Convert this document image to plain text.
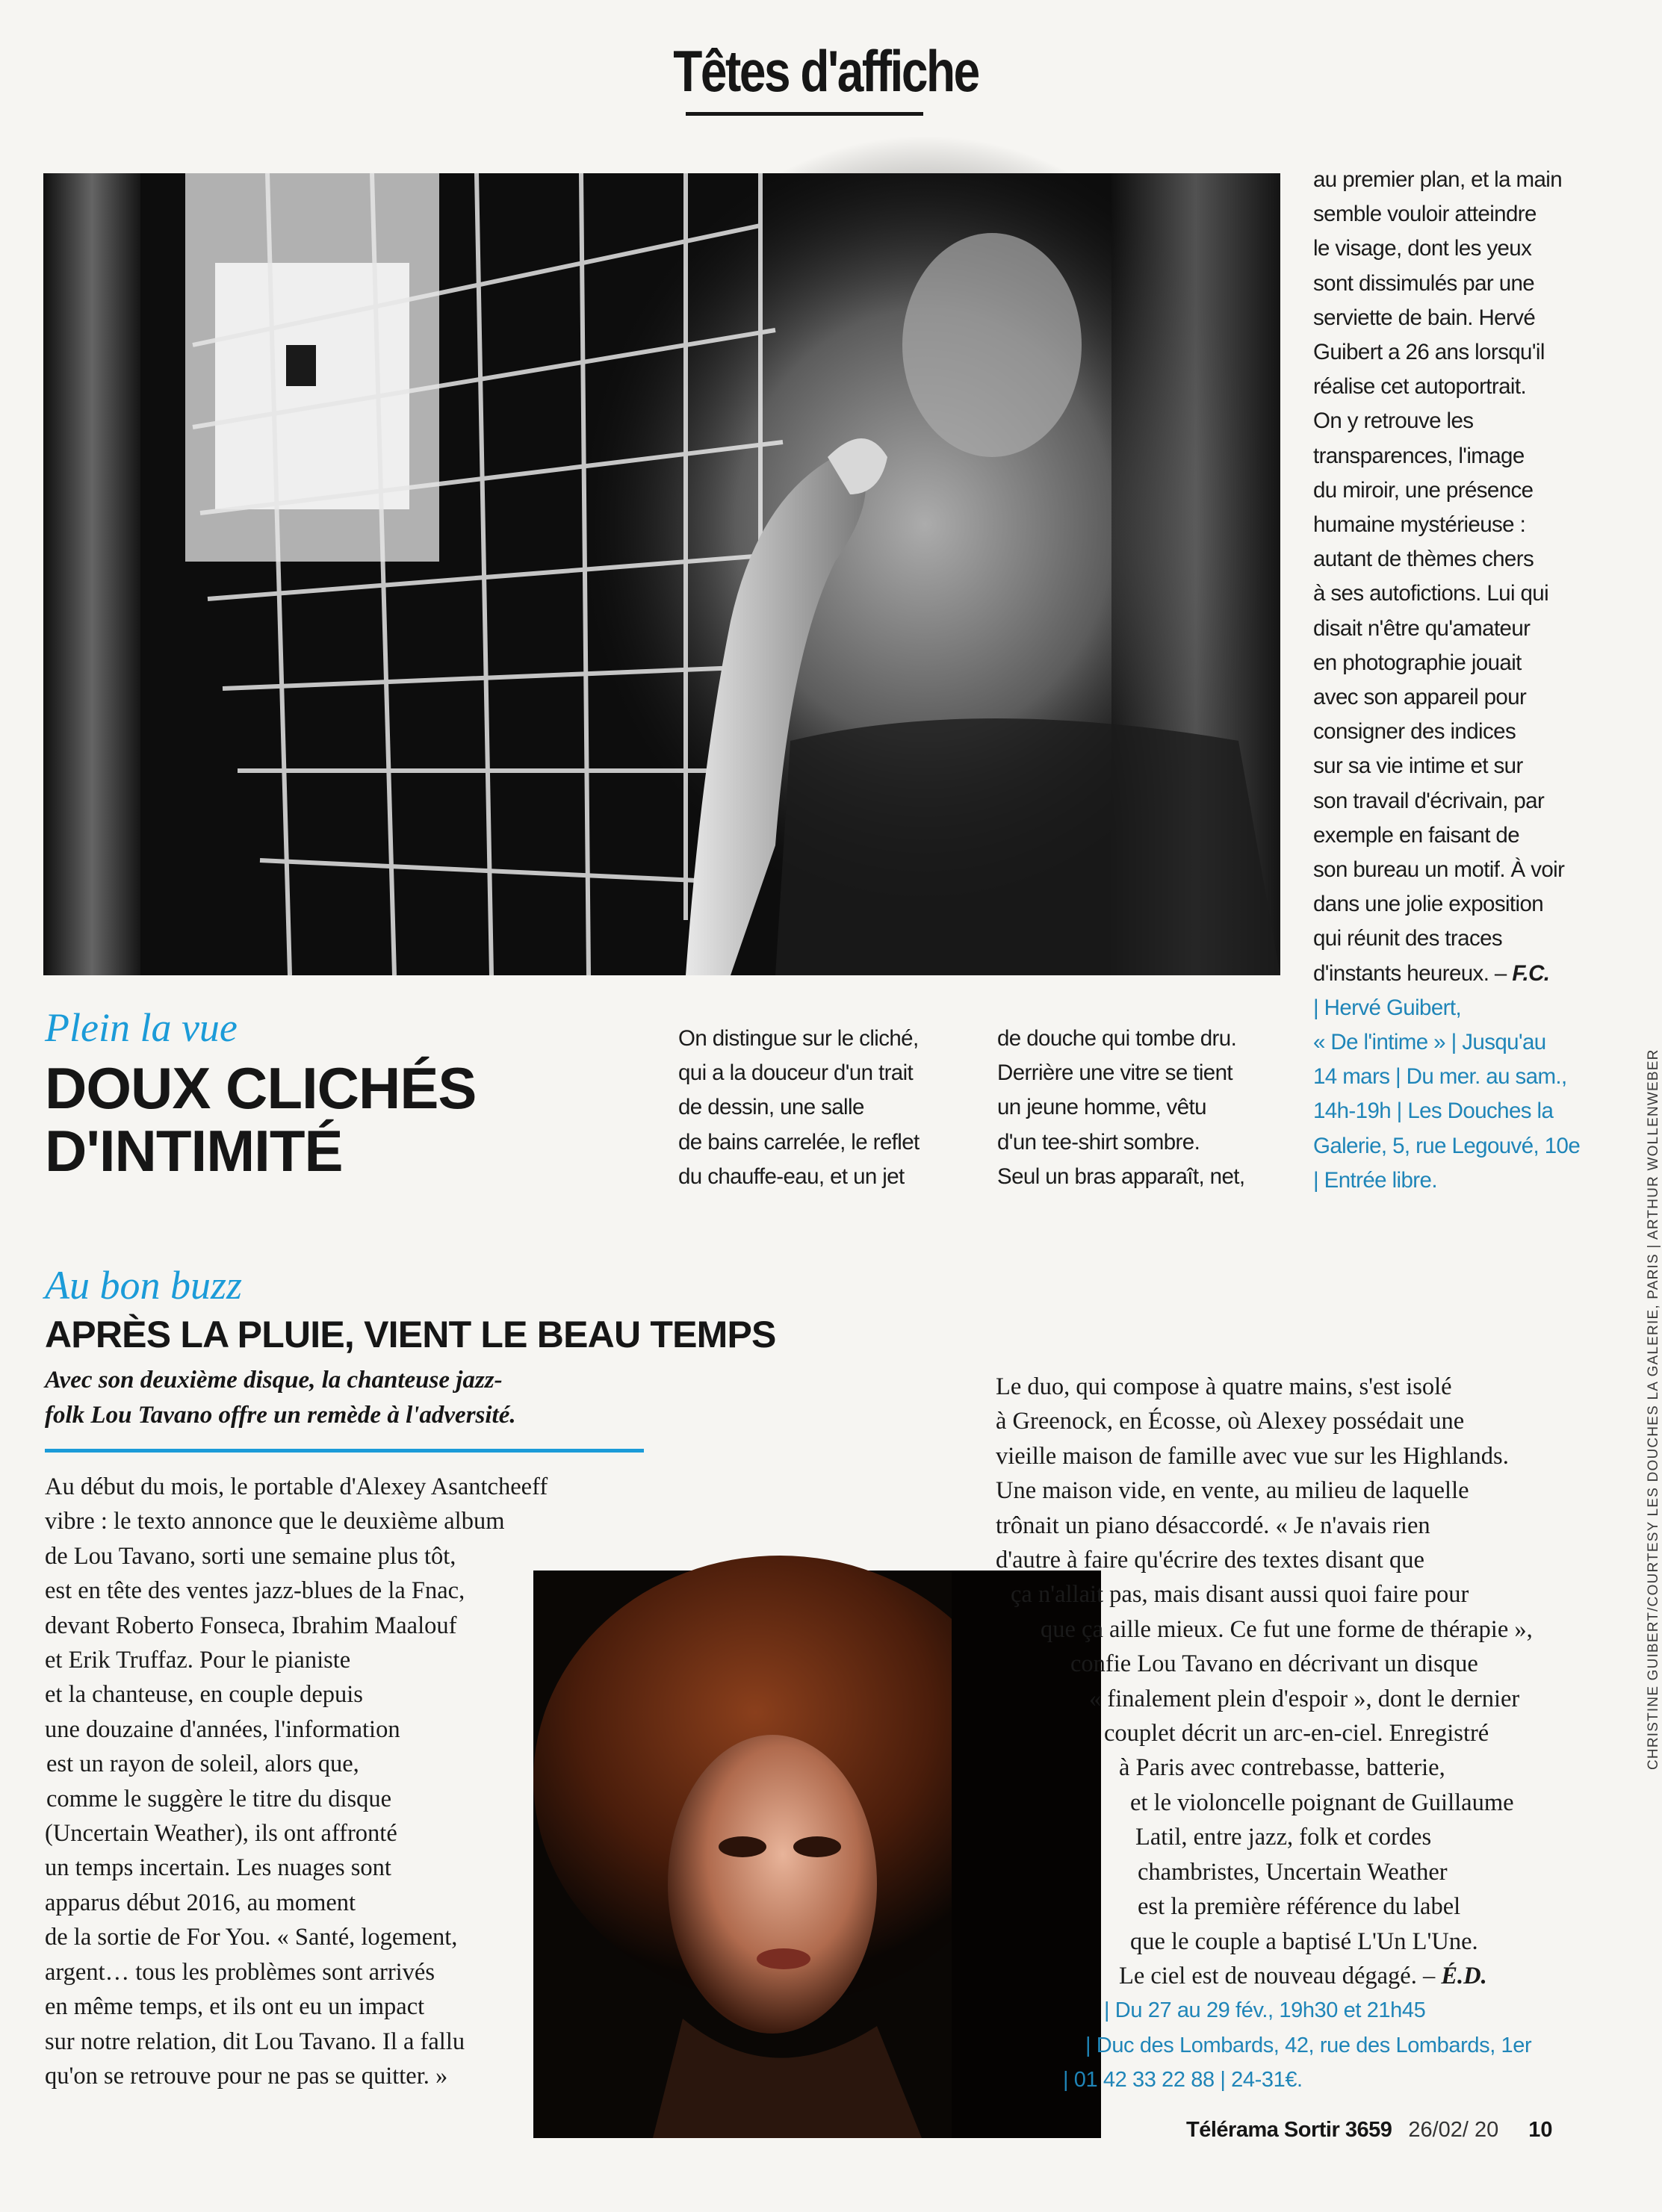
Têtes d'affiche

au premier plan, et la main

semble vouloir atteindre

le visage, dont les yeux

sont dissimulés par une

serviette de bain. Hervé

Guibert a 26 ans lorsqu'il

réalise cet autoportrait.

On y retrouve les

transparences, l'image

du miroir, une présence

humaine mystérieuse :

autant de thèmes chers

à ses autofictions. Lui qui

disait n'être qu'amateur

en photographie jouait

avec son appareil pour

consigner des indices

sur sa vie intime et sur

son travail d'écrivain, par

exemple en faisant de

son bureau un motif. À voir

dans une jolie exposition

qui réunit des traces

d'instants heureux. – F.C.

| Hervé Guibert,

« De l'intime » | Jusqu'au

14 mars | Du mer. au sam.,

14h-19h | Les Douches la

Galerie, 5, rue Legouvé, 10e

| Entrée libre.

Plein la vue
DOUX CLICHÉS
D'INTIMITÉ

On distingue sur le cliché,

qui a la douceur d'un trait

de dessin, une salle

de bains carrelée, le reflet

du chauffe-eau, et un jet

de douche qui tombe dru.

Derrière une vitre se tient

un jeune homme, vêtu

d'un tee-shirt sombre.

Seul un bras apparaît, net,

Au bon buzz
APRÈS LA PLUIE, VIENT LE BEAU TEMPS

Avec son deuxième disque, la chanteuse jazz-

folk Lou Tavano offre un remède à l'adversité.

Au début du mois, le portable d'Alexey Asantcheeff

vibre : le texto annonce que le deuxième album

de Lou Tavano, sorti une semaine plus tôt,

est en tête des ventes jazz-blues de la Fnac,

devant Roberto Fonseca, Ibrahim Maalouf

et Erik Truffaz. Pour le pianiste

et la chanteuse, en couple depuis

une douzaine d'années, l'information

est un rayon de soleil, alors que,

comme le suggère le titre du disque

(Uncertain Weather), ils ont affronté

un temps incertain. Les nuages sont

apparus début 2016, au moment

de la sortie de For You. « Santé, logement,

argent… tous les problèmes sont arrivés

en même temps, et ils ont eu un impact

sur notre relation, dit Lou Tavano. Il a fallu

qu'on se retrouve pour ne pas se quitter. »

Le duo, qui compose à quatre mains, s'est isolé

à Greenock, en Écosse, où Alexey possédait une

vieille maison de famille avec vue sur les Highlands.

Une maison vide, en vente, au milieu de laquelle

trônait un piano désaccordé. « Je n'avais rien

d'autre à faire qu'écrire des textes disant que

ça n'allait pas, mais disant aussi quoi faire pour

que ça aille mieux. Ce fut une forme de thérapie »,

confie Lou Tavano en décrivant un disque

« finalement plein d'espoir », dont le dernier

couplet décrit un arc-en-ciel. Enregistré

à Paris avec contrebasse, batterie,

et le violoncelle poignant de Guillaume

Latil, entre jazz, folk et cordes

chambristes, Uncertain Weather

est la première référence du label

que le couple a baptisé L'Un L'Une.

Le ciel est de nouveau dégagé. – É.D.

| Du 27 au 29 fév., 19h30 et 21h45

| Duc des Lombards, 42, rue des Lombards, 1er

| 01 42 33 22 88 | 24-31€.

CHRISTINE GUIBERT/COURTESY LES DOUCHES LA GALERIE, PARIS | ARTHUR WOLLENWEBER
Télérama Sortir 3659 26/02/ 20 10
